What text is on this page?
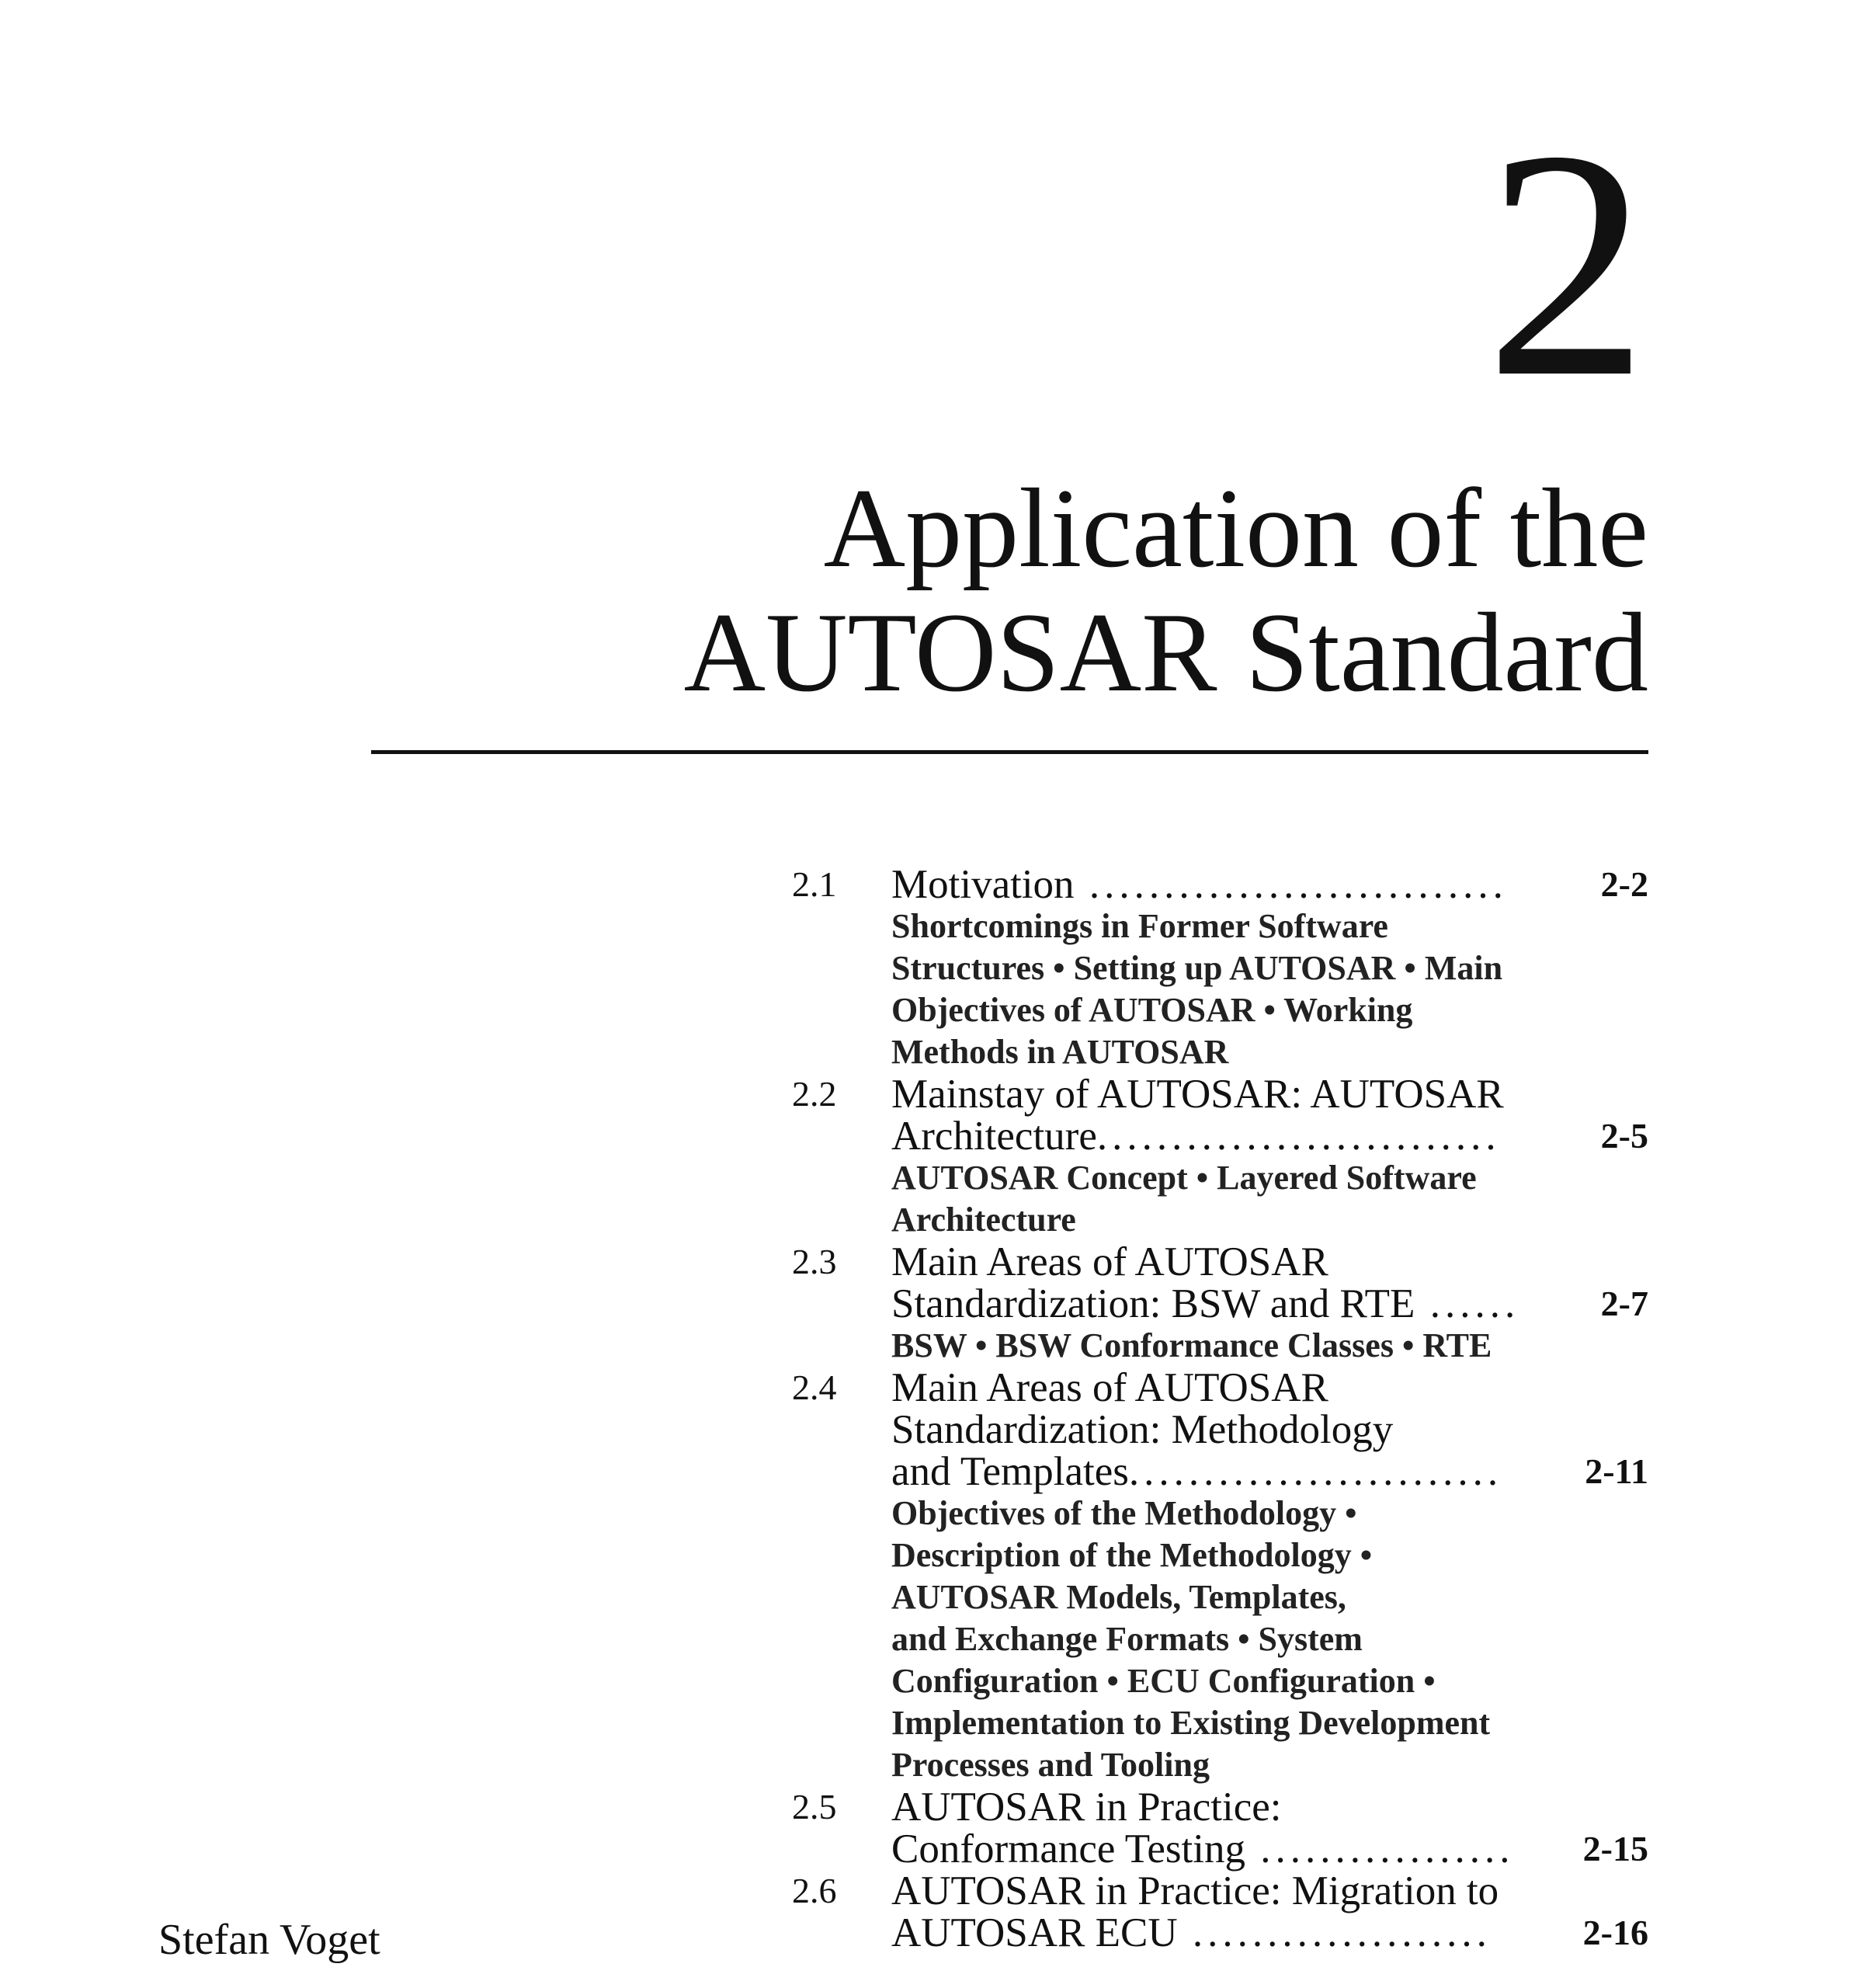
2
Application of the
AUTOSAR Standard
2.1	Motivation ............................	2-2
Shortcomings in Former Software
Structures • Setting up AUTOSAR • Main
Objectives of AUTOSAR • Working
Methods in AUTOSAR
2.2	Mainstay of AUTOSAR: AUTOSAR
Architecture...........................	2-5
AUTOSAR Concept • Layered Software
Architecture
2.3	Main Areas of AUTOSAR
Standardization: BSW and RTE ......	2-7
BSW • BSW Conformance Classes • RTE
2.4	Main Areas of AUTOSAR
Standardization: Methodology
and Templates.........................	2-11
Objectives of the Methodology •
Description of the Methodology •
AUTOSAR Models, Templates,
and Exchange Formats • System
Configuration • ECU Configuration •
Implementation to Existing Development
Processes and Tooling
2.5	AUTOSAR in Practice:
Conformance Testing .................	2-15
2.6	AUTOSAR in Practice: Migration to
AUTOSAR ECU ....................	2-16
Stefan Voget
